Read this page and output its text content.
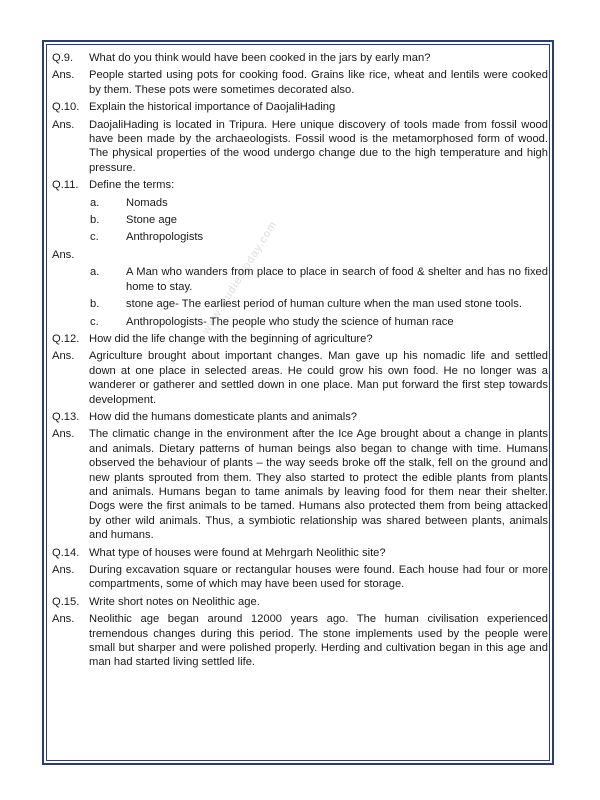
www.studiestoday.com
Q.9.	What do you think would have been cooked in the jars by early man?
Ans.	People started using pots for cooking food. Grains like rice, wheat and lentils were cooked by them. These pots were sometimes decorated also.
Q.10. Explain the historical importance of DaojaliHading
Ans.	DaojaliHading is located in Tripura. Here unique discovery of tools made from fossil wood have been made by the archaeologists. Fossil wood is the metamorphosed form of wood. The physical properties of the wood undergo change due to the high temperature and high pressure.
Q.11. Define the terms:
a.	Nomads
b.	Stone age
c.	Anthropologists
Ans.
a.	A Man who wanders from place to place in search of food & shelter and has no fixed home to stay.
b.	stone age- The earliest period of human culture when the man used stone tools.
c.	Anthropologists- The people who study the science of human race
Q.12. How did the life change with the beginning of agriculture?
Ans.	Agriculture brought about important changes. Man gave up his nomadic life and settled down at one place in selected areas. He could grow his own food. He no longer was a wanderer or gatherer and settled down in one place. Man put forward the first step towards development.
Q.13. How did the humans domesticate plants and animals?
Ans.	The climatic change in the environment after the Ice Age brought about a change in plants and animals. Dietary patterns of human beings also began to change with time. Humans observed the behaviour of plants – the way seeds broke off the stalk, fell on the ground and new plants sprouted from them. They also started to protect the edible plants from plants and animals. Humans began to tame animals by leaving food for them near their shelter. Dogs were the first animals to be tamed. Humans also protected them from being attacked by other wild animals. Thus, a symbiotic relationship was shared between plants, animals and humans.
Q.14. What type of houses were found at Mehrgarh Neolithic site?
Ans.	During excavation square or rectangular houses were found. Each house had four or more compartments, some of which may have been used for storage.
Q.15. Write short notes on Neolithic age.
Ans.	Neolithic age began around 12000 years ago. The human civilisation experienced tremendous changes during this period. The stone implements used by the people were small but sharper and were polished properly. Herding and cultivation began in this age and man had started living settled life.
